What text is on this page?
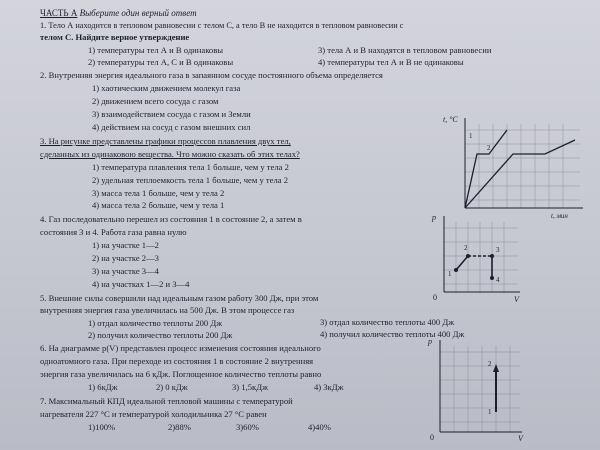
ЧАСТЬ А Выберите один верный ответ
1. Тело А находится в тепловом равновесии с телом С, а тело В не находится в тепловом равновесии с
телом С. Найдите верное утверждение
1) температуры тел А и В одинаковы	3) тела А и В находятся в тепловом равновесии
2) температуры тел А, С и В одинаковы	4) температуры тел А и В не одинаковы
2. Внутренняя энергия идеального газа в запаянном сосуде постоянного объема определяется
1) хаотическим движением молекул газа
2) движением всего сосуда с газом
3) взаимодействием сосуда с газом и Земли
4) действием на сосуд с газом внешних сил
3. На рисунке представлены графики процессов плавления двух тел,
сделанных из одинаковою вещества. Что можно сказать об этих телах?
1) температура плавления тела 1 больше, чем у тела 2
2) удельная теплоемкость тела 1 больше, чем у тела 2
3) масса тела 1 больше, чем у тела 2
4) масса тела 2 больше, чем у тела 1
t, °C
t, мин
1
2
4. Газ последовательно перешел из состояния 1 в состояние 2, а затем в
состояния 3 и 4. Работа газа равна нулю
1) на участке 1—2
2) на участке 2—3
3) на участке 3—4
4) на участках 1—2 и 3—4
p
V
0
1
2	3
4
5. Внешние силы совершили над идеальным газом работу 300 Дж, при этом
внутренняя энергия газа увеличилась на 500 Дж. В этом процессе газ
1) отдал количество теплоты 200 Дж	3) отдал количество теплоты 400 Дж
2) получил количество теплоты 200 Дж	4) получил количество теплоты 400 Дж
6. На диаграмме p(V) представлен процесс изменения состояния идеального
одноатомного газа. При переходе из состояния 1 в состояние 2 внутренняя
энергия газа увеличилась на 6 кДж. Поглощенное количество теплоты равно
1) 6кДж	2) 0 кДж	3) 1,5кДж	4) 3кДж
p
V
0
2
1
7. Максимальный КПД идеальной тепловой машины с температурой
нагревателя 227 °С и температурой холодильника 27 °С равен
1)100%	2)88%	3)60%	4)40%
